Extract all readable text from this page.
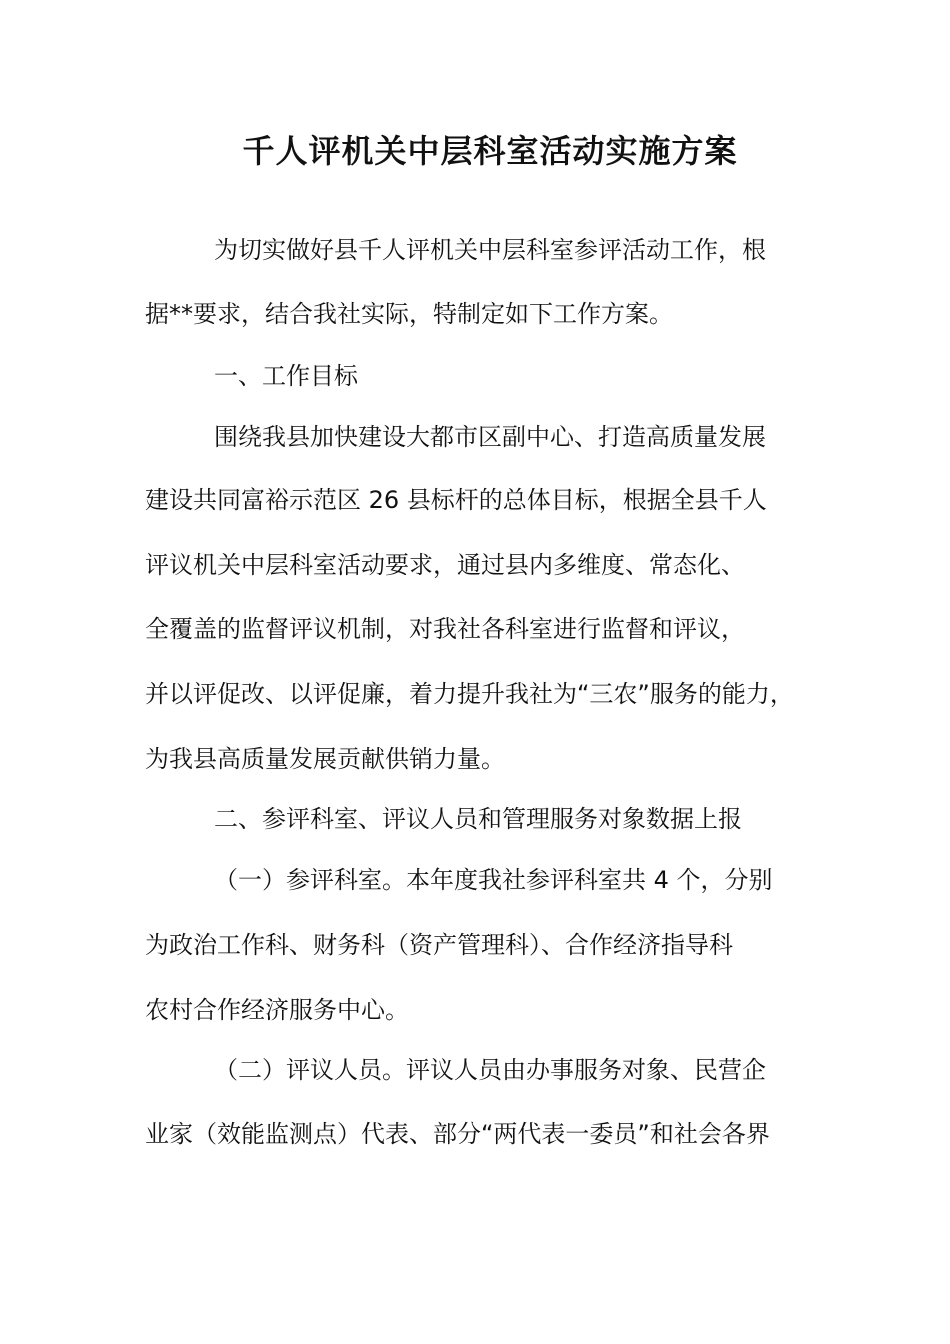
千人评机关中层科室活动实施方案
为切实做好县千人评机关中层科室参评活动工作，根
据**要求，结合我社实际，特制定如下工作方案。
一、工作目标
围绕我县加快建设大都市区副中心、打造高质量发展
建设共同富裕示范区 26 县标杆的总体目标，根据全县千人
评议机关中层科室活动要求，通过县内多维度、常态化、
全覆盖的监督评议机制，对我社各科室进行监督和评议，
并以评促改、以评促廉，着力提升我社为“三农”服务的能力，
为我县高质量发展贡献供销力量。
二、参评科室、评议人员和管理服务对象数据上报
（一）参评科室。本年度我社参评科室共 4 个，分别
为政治工作科、财务科（资产管理科）、合作经济指导科
农村合作经济服务中心。
（二）评议人员。评议人员由办事服务对象、民营企
业家（效能监测点）代表、部分“两代表一委员”和社会各界
